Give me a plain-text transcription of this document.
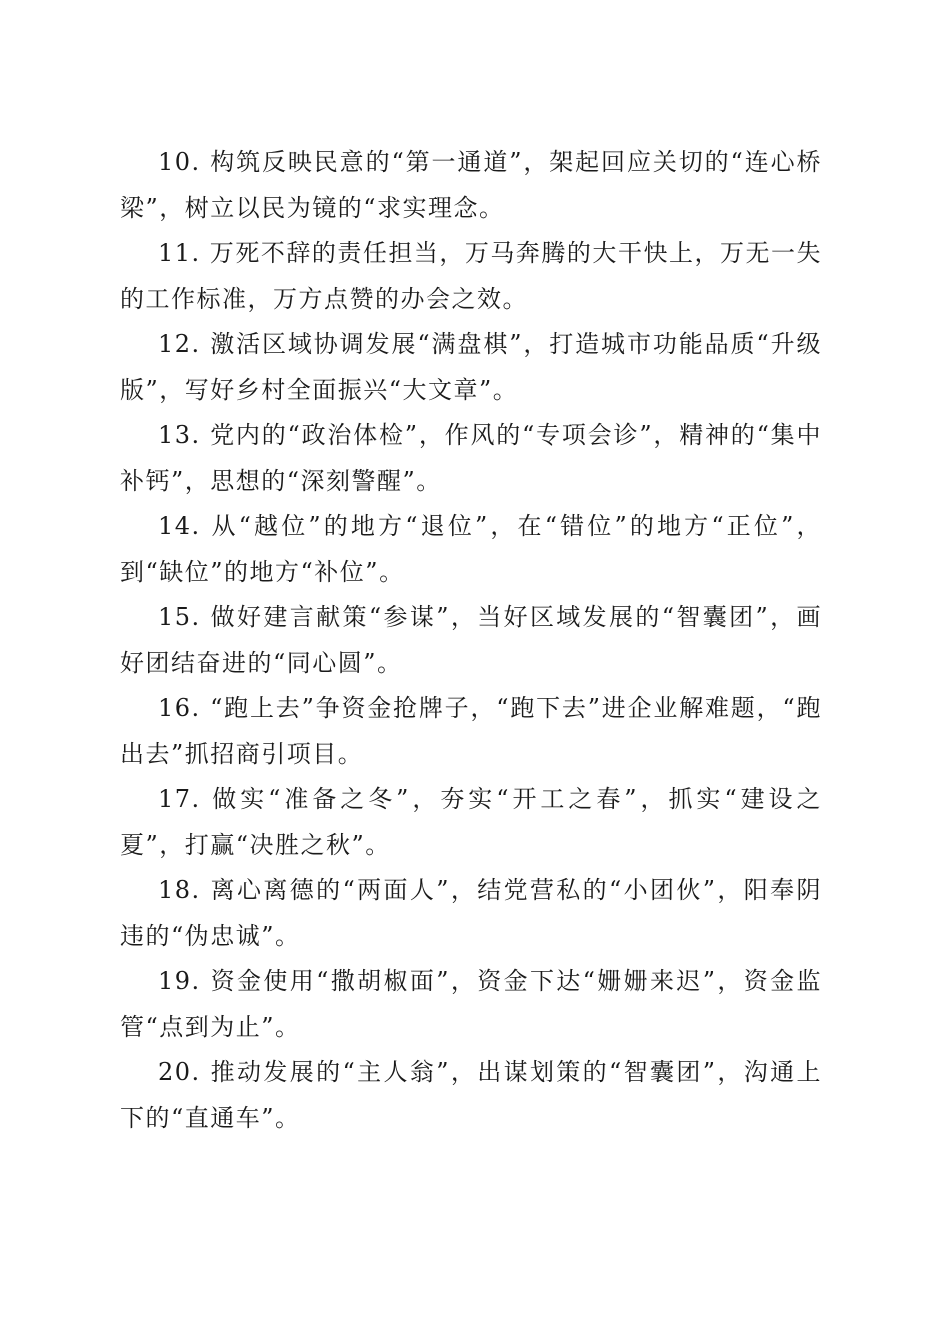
10. 构筑反映民意的“第一通道”，架起回应关切的“连心桥梁”，树立以民为镜的“求实理念。

11. 万死不辞的责任担当，万马奔腾的大干快上，万无一失的工作标准，万方点赞的办会之效。

12. 激活区域协调发展“满盘棋”，打造城市功能品质“升级版”，写好乡村全面振兴“大文章”。

13. 党内的“政治体检”，作风的“专项会诊”，精神的“集中补钙”，思想的“深刻警醒”。

14. 从“越位”的地方“退位”，在“错位”的地方“正位”，到“缺位”的地方“补位”。

15. 做好建言献策“参谋”，当好区域发展的“智囊团”，画好团结奋进的“同心圆”。

16. “跑上去”争资金抢牌子，“跑下去”进企业解难题，“跑出去”抓招商引项目。

17. 做实“准备之冬”，夯实“开工之春”，抓实“建设之夏”，打赢“决胜之秋”。

18. 离心离德的“两面人”，结党营私的“小团伙”，阳奉阴违的“伪忠诚”。

19. 资金使用“撒胡椒面”，资金下达“姗姗来迟”，资金监管“点到为止”。

20. 推动发展的“主人翁”，出谋划策的“智囊团”，沟通上下的“直通车”。
